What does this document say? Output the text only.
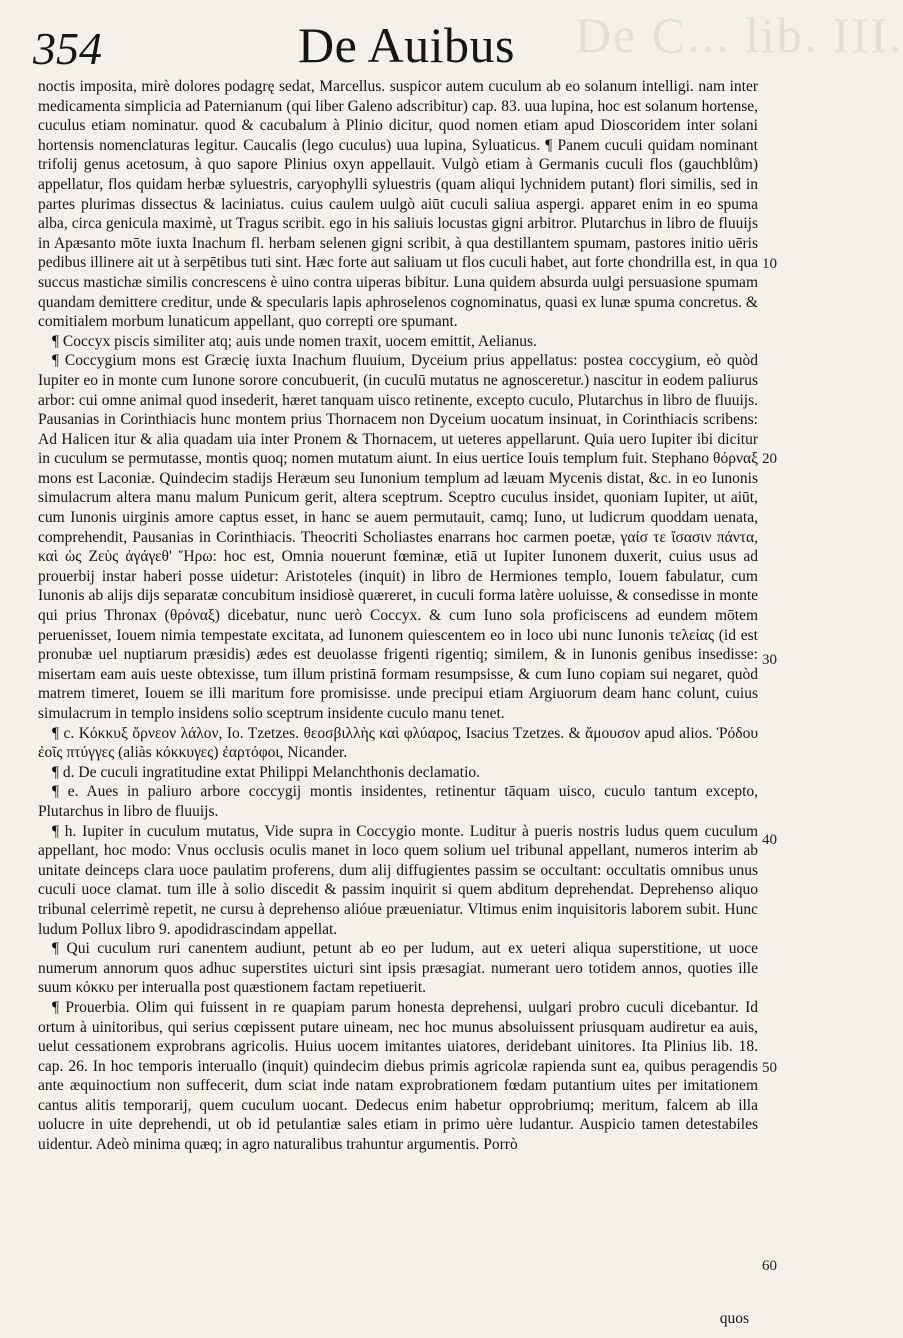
De C... lib. III.
354	De Auibus

noctis imposita, mirè dolores podagrę sedat, Marcellus. suspicor autem cuculum ab eo solanum intelligi. nam inter medicamenta simplicia ad Paternianum (qui liber Galeno adscribitur) cap. 83. uua lupina, hoc est solanum hortense, cuculus etiam nominatur. quod & cacubalum à Plinio dicitur, quod nomen etiam apud Dioscoridem inter solani hortensis nomenclaturas legitur. Caucalis (lego cuculus) uua lupina, Syluaticus. ¶ Panem cuculi quidam nominant trifolij genus acetosum, à quo sapore Plinius oxyn appellauit. Vulgò etiam à Germanis cuculi flos (gauchblům) appellatur, flos quidam herbæ syluestris, caryophylli syluestris (quam aliqui lychnidem putant) flori similis, sed in partes plurimas dissectus & laciniatus. cuius caulem uulgò aiūt cuculi saliua aspergi. apparet enim in eo spuma alba, circa genicula maximè, ut Tragus scribit. ego in his saliuis locustas gigni arbitror. Plutarchus in libro de fluuijs in Apæsanto mōte iuxta Inachum fl. herbam selenen gigni scribit, à qua destillantem spumam, pastores initio uēris pedibus illinere ait ut à serpētibus tuti sint. Hæc forte aut saliuam ut flos cuculi habet, aut forte chondrilla est, in qua succus mastichæ similis concrescens è uino contra uiperas bibitur. Luna quidem absurda uulgi persuasione spumam quandam demittere creditur, unde & specularis lapis aphroselenos cognominatus, quasi ex lunæ spuma concretus. & comitialem morbum lunaticum appellant, quo correpti ore spumant.

¶ Coccyx piscis similiter atq; auis unde nomen traxit, uocem emittit, Aelianus.

¶ Coccygium mons est Græcię iuxta Inachum fluuium, Dyceium prius appellatus: postea coccygium, eò quòd Iupiter eo in monte cum Iunone sorore concubuerit, (in cuculū mutatus ne agnosceretur.) nascitur in eodem paliurus arbor: cui omne animal quod insederit, hæret tanquam uisco retinente, excepto cuculo, Plutarchus in libro de fluuijs. Pausanias in Corinthiacis hunc montem prius Thornacem non Dyceium uocatum insinuat, in Corinthiacis scribens: Ad Halicen itur & alia quadam uia inter Pronem & Thornacem, ut ueteres appellarunt. Quia uero Iupiter ibi dicitur in cuculum se permutasse, montis quoq; nomen mutatum aiunt. In eius uertice Iouis templum fuit. Stephano θόρναξ mons est Laconiæ. Quindecim stadijs Heræum seu Iunonium templum ad læuam Mycenis distat, &c. in eo Iunonis simulacrum altera manu malum Punicum gerit, altera sceptrum. Sceptro cuculus insidet, quoniam Iupiter, ut aiūt, cum Iunonis uirginis amore captus esset, in hanc se auem permutauit, camq; Iuno, ut ludicrum quoddam uenata, comprehendit, Pausanias in Corinthiacis. Theocriti Scholiastes enarrans hoc carmen poetæ, γαίσ τε ἴσασιν πάντα, καὶ ὡς Ζεὺς ἀγάγεθ' Ἥρω: hoc est, Omnia nouerunt fœminæ, etiā ut Iupiter Iunonem duxerit, cuius usus ad prouerbij instar haberi posse uidetur: Aristoteles (inquit) in libro de Hermiones templo, Iouem fabulatur, cum Iunonis ab alijs dijs separatæ concubitum insidiosè quæreret, in cuculi forma latère uoluisse, & consedisse in monte qui prius Thronax (θρόναξ) dicebatur, nunc uerò Coccyx. & cum Iuno sola proficiscens ad eundem mōtem peruenisset, Iouem nimia tempestate excitata, ad Iunonem quiescentem eo in loco ubi nunc Iunonis τελείας (id est pronubæ uel nuptiarum præsidis) ædes est deuolasse frigenti rigentiq; similem, & in Iunonis genibus insedisse: misertam eam auis ueste obtexisse, tum illum pristinā formam resumpsisse, & cum Iuno copiam sui negaret, quòd matrem timeret, Iouem se illi maritum fore promisisse. unde precipui etiam Argiuorum deam hanc colunt, cuius simulacrum in templo insidens solio sceptrum insidente cuculo manu tenet.

¶ c. Κόκκυξ ὄρνεον λάλον, Io. Tzetzes. θεοσβιλλὴς καὶ φλύαρος, Isacius Tzetzes. & ἄμουσον apud alios. Ῥόδου ἐοῖς πτύγγες (aliàs κόκκυγες) ἐαρτόφοι, Nicander.

¶ d. De cuculi ingratitudine extat Philippi Melanchthonis declamatio.

¶ e. Aues in paliuro arbore coccygij montis insidentes, retinentur tāquam uisco, cuculo tantum excepto, Plutarchus in libro de fluuijs.

¶ h. Iupiter in cuculum mutatus, Vide supra in Coccygio monte. Luditur à pueris nostris ludus quem cuculum appellant, hoc modo: Vnus occlusis oculis manet in loco quem solium uel tribunal appellant, numeros interim ab unitate deinceps clara uoce paulatim proferens, dum alij diffugientes passim se occultant: occultatis omnibus unus cuculi uoce clamat. tum ille à solio discedit & passim inquirit si quem abditum deprehendat. Deprehenso aliquo tribunal celerrimè repetit, ne cursu à deprehenso alióue præueniatur. Vltimus enim inquisitoris laborem subit. Hunc ludum Pollux libro 9. apodidrascindam appellat.

¶ Qui cuculum ruri canentem audiunt, petunt ab eo per ludum, aut ex ueteri aliqua superstitione, ut uoce numerum annorum quos adhuc superstites uicturi sint ipsis præsagiat. numerant uero totidem annos, quoties ille suum κόκκυ per interualla post quæstionem factam repetiuerit.

¶ Prouerbia. Olim qui fuissent in re quapiam parum honesta deprehensi, uulgari probro cuculi dicebantur. Id ortum à uinitoribus, qui serius cœpissent putare uineam, nec hoc munus absoluissent priusquam audiretur ea auis, uelut cessationem exprobrans agricolis. Huius uocem imitantes uiatores, deridebant uinitores. Ita Plinius lib. 18. cap. 26. In hoc temporis interuallo (inquit) quindecim diebus primis agricolæ rapienda sunt ea, quibus peragendis ante æquinoctium non suffecerit, dum sciat inde natam exprobrationem fœdam putantium uites per imitationem cantus alitis temporarij, quem cuculum uocant. Dedecus enim habetur opprobriumq; meritum, falcem ab illa uolucre in uite deprehendi, ut ob id petulantiæ sales etiam in primo uère ludantur. Auspicio tamen detestabiles uidentur. Adeò minima quæq; in agro naturalibus trahuntur argumentis. Porrò

10
20
30
40
50
60
quos
